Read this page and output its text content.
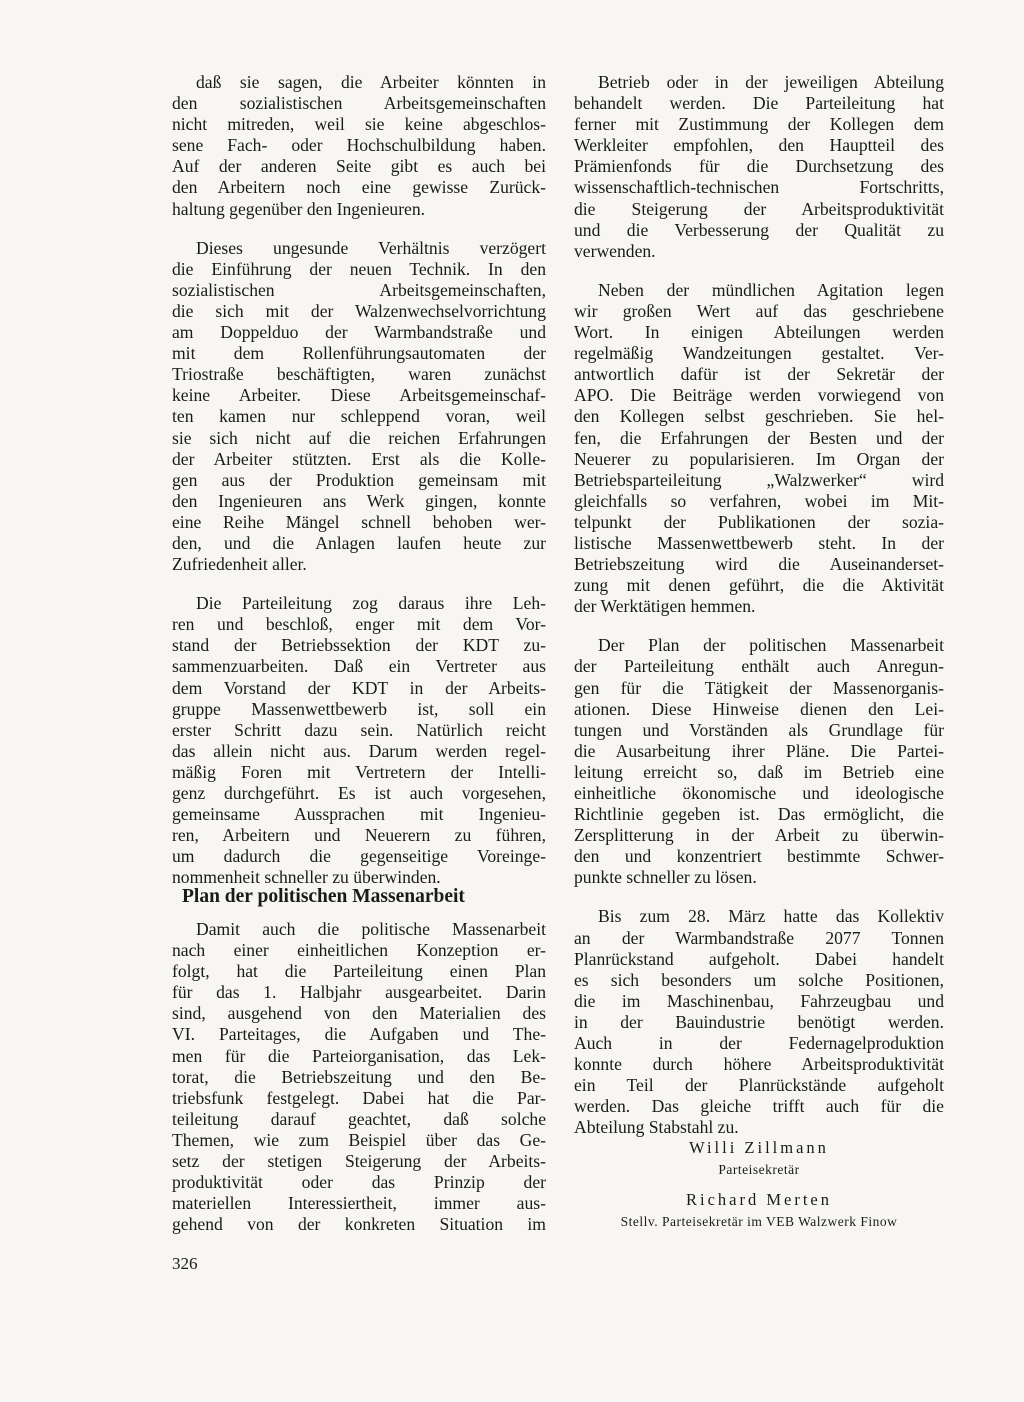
daß sie sagen, die Arbeiter könnten in
den sozialistischen Arbeitsgemeinschaften
nicht mitreden, weil sie keine abgeschlos-
sene Fach- oder Hochschulbildung haben.
Auf der anderen Seite gibt es auch bei
den Arbeitern noch eine gewisse Zurück-
haltung gegenüber den Ingenieuren.
Dieses ungesunde Verhältnis verzögert
die Einführung der neuen Technik. In den
sozialistischen Arbeitsgemeinschaften,
die sich mit der Walzenwechselvorrichtung
am Doppelduo der Warmbandstraße und
mit dem Rollenführungsautomaten der
Triostraße beschäftigten, waren zunächst
keine Arbeiter. Diese Arbeitsgemeinschaf-
ten kamen nur schleppend voran, weil
sie sich nicht auf die reichen Erfahrungen
der Arbeiter stützten. Erst als die Kolle-
gen aus der Produktion gemeinsam mit
den Ingenieuren ans Werk gingen, konnte
eine Reihe Mängel schnell behoben wer-
den, und die Anlagen laufen heute zur
Zufriedenheit aller.
Die Parteileitung zog daraus ihre Leh-
ren und beschloß, enger mit dem Vor-
stand der Betriebssektion der KDT zu-
sammenzuarbeiten. Daß ein Vertreter aus
dem Vorstand der KDT in der Arbeits-
gruppe Massenwettbewerb ist, soll ein
erster Schritt dazu sein. Natürlich reicht
das allein nicht aus. Darum werden regel-
mäßig Foren mit Vertretern der Intelli-
genz durchgeführt. Es ist auch vorgesehen,
gemeinsame Aussprachen mit Ingenieu-
ren, Arbeitern und Neuerern zu führen,
um dadurch die gegenseitige Voreinge-
nommenheit schneller zu überwinden.
Plan der politischen Massenarbeit
Damit auch die politische Massenarbeit
nach einer einheitlichen Konzeption er-
folgt, hat die Parteileitung einen Plan
für das 1. Halbjahr ausgearbeitet. Darin
sind, ausgehend von den Materialien des
VI. Parteitages, die Aufgaben und The-
men für die Parteiorganisation, das Lek-
torat, die Betriebszeitung und den Be-
triebsfunk festgelegt. Dabei hat die Par-
teileitung darauf geachtet, daß solche
Themen, wie zum Beispiel über das Ge-
setz der stetigen Steigerung der Arbeits-
produktivität oder das Prinzip der
materiellen Interessiertheit, immer aus-
gehend von der konkreten Situation im
Betrieb oder in der jeweiligen Abteilung
behandelt werden. Die Parteileitung hat
ferner mit Zustimmung der Kollegen dem
Werkleiter empfohlen, den Hauptteil des
Prämienfonds für die Durchsetzung des
wissenschaftlich-technischen Fortschritts,
die Steigerung der Arbeitsproduktivität
und die Verbesserung der Qualität zu
verwenden.
Neben der mündlichen Agitation legen
wir großen Wert auf das geschriebene
Wort. In einigen Abteilungen werden
regelmäßig Wandzeitungen gestaltet. Ver-
antwortlich dafür ist der Sekretär der
APO. Die Beiträge werden vorwiegend von
den Kollegen selbst geschrieben. Sie hel-
fen, die Erfahrungen der Besten und der
Neuerer zu popularisieren. Im Organ der
Betriebsparteileitung „Walzwerker“ wird
gleichfalls so verfahren, wobei im Mit-
telpunkt der Publikationen der sozia-
listische Massenwettbewerb steht. In der
Betriebszeitung wird die Auseinanderset-
zung mit denen geführt, die die Aktivität
der Werktätigen hemmen.
Der Plan der politischen Massenarbeit
der Parteileitung enthält auch Anregun-
gen für die Tätigkeit der Massenorganis-
ationen. Diese Hinweise dienen den Lei-
tungen und Vorständen als Grundlage für
die Ausarbeitung ihrer Pläne. Die Partei-
leitung erreicht so, daß im Betrieb eine
einheitliche ökonomische und ideologische
Richtlinie gegeben ist. Das ermöglicht, die
Zersplitterung in der Arbeit zu überwin-
den und konzentriert bestimmte Schwer-
punkte schneller zu lösen.
Bis zum 28. März hatte das Kollektiv
an der Warmbandstraße 2077 Tonnen
Planrückstand aufgeholt. Dabei handelt
es sich besonders um solche Positionen,
die im Maschinenbau, Fahrzeugbau und
in der Bauindustrie benötigt werden.
Auch in der Federnagelproduktion
konnte durch höhere Arbeitsproduktivität
ein Teil der Planrückstände aufgeholt
werden. Das gleiche trifft auch für die
Abteilung Stabstahl zu.
Willi Zillmann
Parteisekretär
Richard Merten
Stellv. Parteisekretär im VEB Walzwerk Finow
326
